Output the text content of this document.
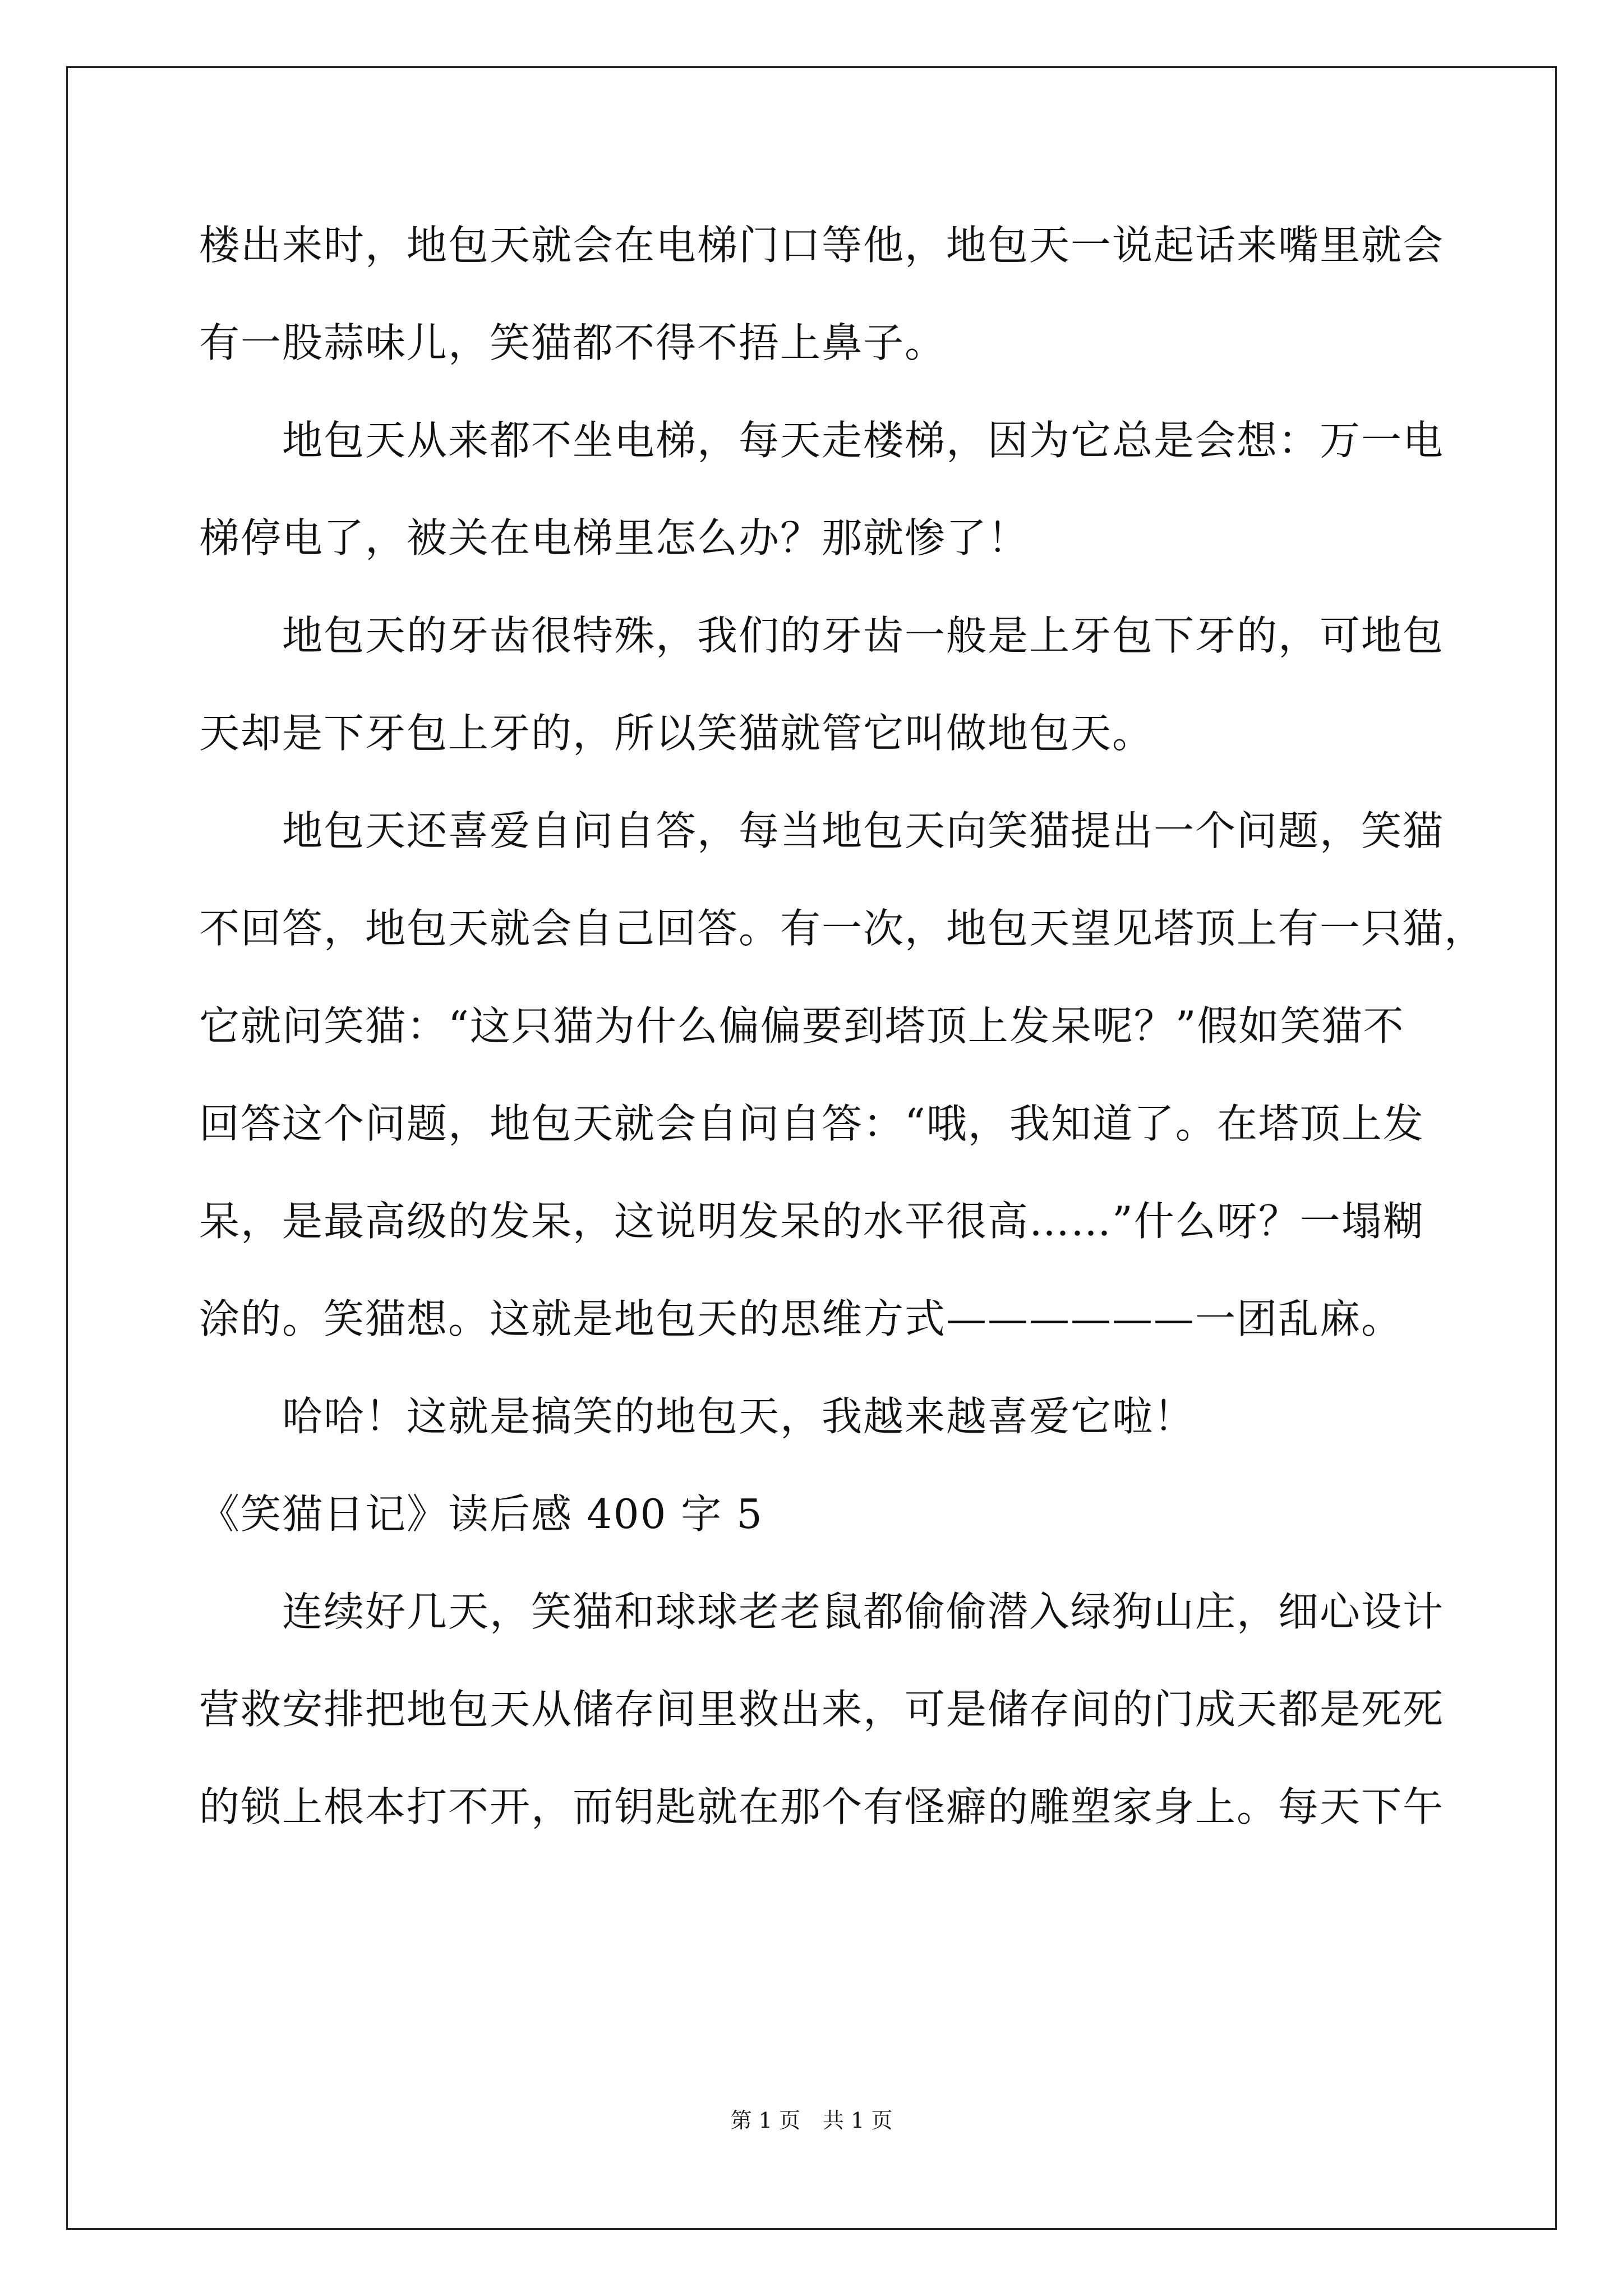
楼出来时，地包天就会在电梯门口等他，地包天一说起话来嘴里就会
有一股蒜味儿，笑猫都不得不捂上鼻子。
地包天从来都不坐电梯，每天走楼梯，因为它总是会想：万一电
梯停电了，被关在电梯里怎么办？那就惨了！
地包天的牙齿很特殊，我们的牙齿一般是上牙包下牙的，可地包
天却是下牙包上牙的，所以笑猫就管它叫做地包天。
地包天还喜爱自问自答，每当地包天向笑猫提出一个问题，笑猫
不回答，地包天就会自己回答。有一次，地包天望见塔顶上有一只猫，
它就问笑猫：“这只猫为什么偏偏要到塔顶上发呆呢？”假如笑猫不
回答这个问题，地包天就会自问自答：“哦，我知道了。在塔顶上发
呆，是最高级的发呆，这说明发呆的水平很高……”什么呀？一塌糊
涂的。笑猫想。这就是地包天的思维方式——————一团乱麻。
哈哈！这就是搞笑的地包天，我越来越喜爱它啦！
《笑猫日记》读后感 400 字 5
连续好几天，笑猫和球球老老鼠都偷偷潜入绿狗山庄，细心设计
营救安排把地包天从储存间里救出来，可是储存间的门成天都是死死
的锁上根本打不开，而钥匙就在那个有怪癖的雕塑家身上。每天下午
第 1 页 共 1 页
